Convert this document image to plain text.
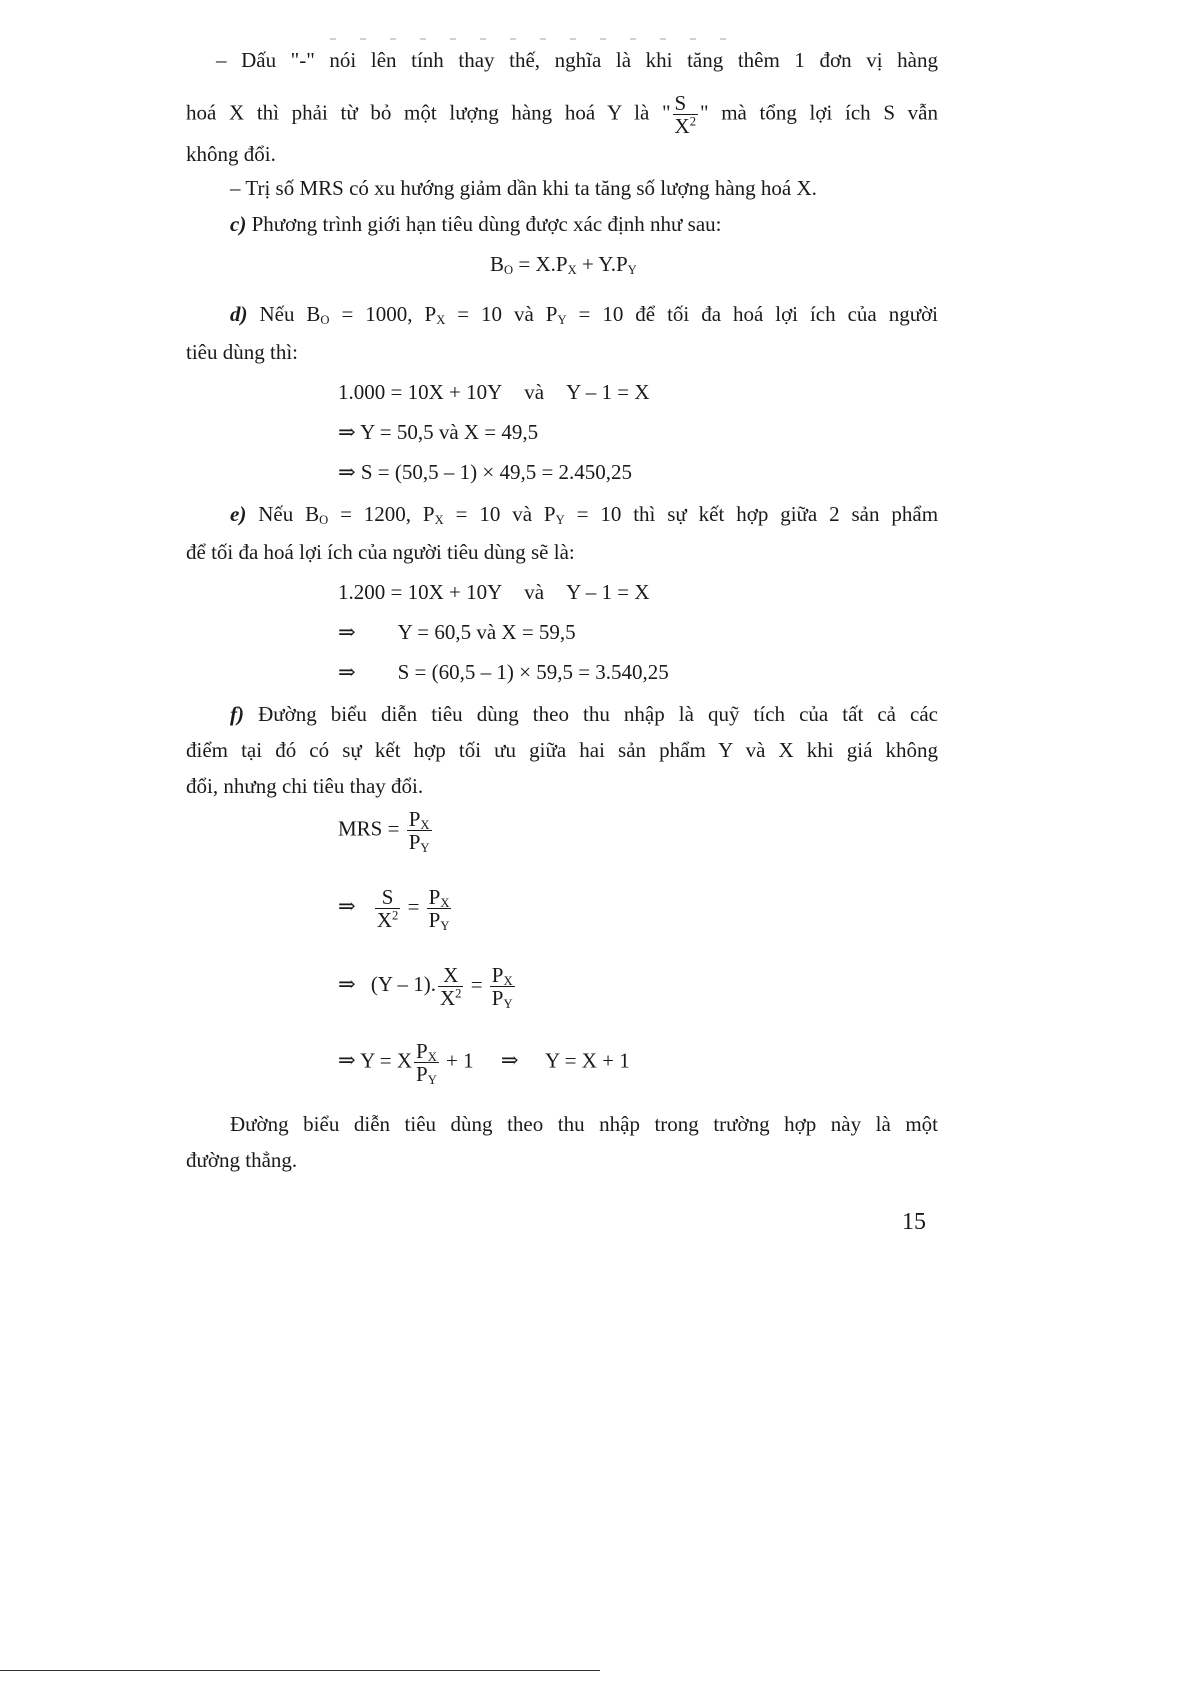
– Dấu "-" nói lên tính thay thế, nghĩa là khi tăng thêm 1 đơn vị hàng
hoá X thì phải từ bỏ một lượng hàng hoá Y là " $\frac{S}{X^2}$ " mà tổng lợi ích S vẫn
không đổi.
– Trị số MRS có xu hướng giảm dần khi ta tăng số lượng hàng hoá X.
c) Phương trình giới hạn tiêu dùng được xác định như sau:
$B_O = X.P_X + Y.P_Y$
d) Nếu $B_O = 1000$, $P_X = 10$ và $P_Y = 10$ để tối đa hoá lợi ích của người
tiêu dùng thì:
1.000 = 10X + 10Y và Y – 1 = X
⇒ Y = 50,5 và X = 49,5
⇒ S = (50,5 – 1) × 49,5 = 2.450,25
e) Nếu $B_O = 1200$, $P_X = 10$ và $P_Y = 10$ thì sự kết hợp giữa 2 sản phẩm
để tối đa hoá lợi ích của người tiêu dùng sẽ là:
1.200 = 10X + 10Y và Y – 1 = X
⇒ Y = 60,5 và X = 59,5
⇒ S = (60,5 – 1) × 59,5 = 3.540,25
f) Đường biểu diễn tiêu dùng theo thu nhập là quỹ tích của tất cả các
điểm tại đó có sự kết hợp tối ưu giữa hai sản phẩm Y và X khi giá không
đổi, nhưng chi tiêu thay đổi.
MRS = $\frac{P_X}{P_Y}$
⇒ $\frac{S}{X^2} = \frac{P_X}{P_Y}$
⇒ (Y – 1). $\frac{X}{X^2} = \frac{P_X}{P_Y}$
⇒ Y = X $\frac{P_X}{P_Y} + 1$ ⇒ Y = X + 1
Đường biểu diễn tiêu dùng theo thu nhập trong trường hợp này là một
đường thẳng.
15
